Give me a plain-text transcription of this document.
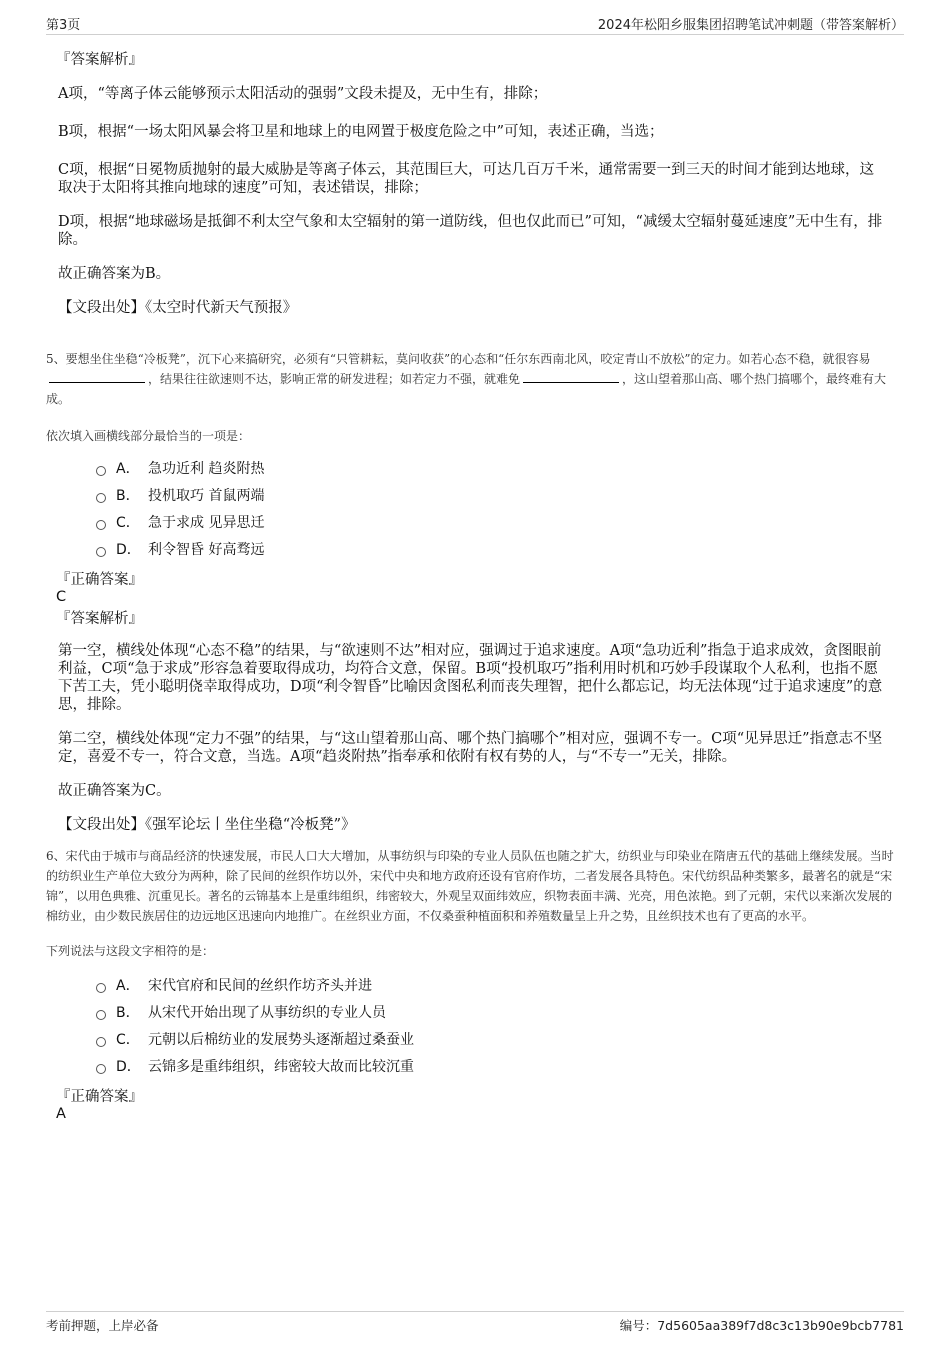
第3页	2024年松阳乡服集团招聘笔试冲刺题（带答案解析）
『答案解析』
A项，“等离子体云能够预示太阳活动的强弱”文段未提及，无中生有，排除；
B项，根据“一场太阳风暴会将卫星和地球上的电网置于极度危险之中”可知，表述正确，当选；
C项，根据“日冕物质抛射的最大威胁是等离子体云，其范围巨大，可达几百万千米，通常需要一到三天的时间才能到达地球，这取决于太阳将其推向地球的速度”可知，表述错误，排除；
D项，根据“地球磁场是抵御不利太空气象和太空辐射的第一道防线，但也仅此而已”可知，“减缓太空辐射蔓延速度”无中生有，排除。
故正确答案为B。
【文段出处】《太空时代新天气预报》
5、要想坐住坐稳“冷板凳”，沉下心来搞研究，必须有“只管耕耘，莫问收获”的心态和“任尔东西南北风，咬定青山不放松”的定力。如若心态不稳，就很容易，结果往往欲速则不达，影响正常的研发进程；如若定力不强，就难免	，这山望着那山高、哪个热门搞哪个，最终难有大成。
依次填入画横线部分最恰当的一项是：
A． 急功近利 趋炎附热
B． 投机取巧 首鼠两端
C． 急于求成 见异思迁
D． 利令智昏 好高骛远
『正确答案』
C
『答案解析』
第一空，横线处体现“心态不稳”的结果，与“欲速则不达”相对应，强调过于追求速度。A项“急功近利”指急于追求成效，贪图眼前利益，C项“急于求成”形容急着要取得成功，均符合文意，保留。B项“投机取巧”指利用时机和巧妙手段谋取个人私利，也指不愿下苦工夫，凭小聪明侥幸取得成功，D项“利令智昏”比喻因贪图私利而丧失理智，把什么都忘记，均无法体现“过于追求速度”的意思，排除。
第二空，横线处体现“定力不强”的结果，与“这山望着那山高、哪个热门搞哪个”相对应，强调不专一。C项“见异思迁”指意志不坚定，喜爱不专一，符合文意，当选。A项“趋炎附热”指奉承和依附有权有势的人，与“不专一”无关，排除。
故正确答案为C。
【文段出处】《强军论坛丨坐住坐稳“冷板凳”》
6、宋代由于城市与商品经济的快速发展，市民人口大大增加，从事纺织与印染的专业人员队伍也随之扩大，纺织业与印染业在隋唐五代的基础上继续发展。当时的纺织业生产单位大致分为两种，除了民间的丝织作坊以外，宋代中央和地方政府还设有官府作坊，二者发展各具特色。宋代纺织品种类繁多，最著名的就是“宋锦”，以用色典雅、沉重见长。著名的云锦基本上是重纬组织，纬密较大，外观呈双面纬效应，织物表面丰满、光亮，用色浓艳。到了元朝，宋代以来渐次发展的棉纺业，由少数民族居住的边远地区迅速向内地推广。在丝织业方面，不仅桑蚕种植面积和养殖数量呈上升之势，且丝织技术也有了更高的水平。
下列说法与这段文字相符的是：
A． 宋代官府和民间的丝织作坊齐头并进
B． 从宋代开始出现了从事纺织的专业人员
C． 元朝以后棉纺业的发展势头逐渐超过桑蚕业
D． 云锦多是重纬组织，纬密较大故而比较沉重
『正确答案』
A
考前押题，上岸必备	编号：7d5605aa389f7d8c3c13b90e9bcb7781
